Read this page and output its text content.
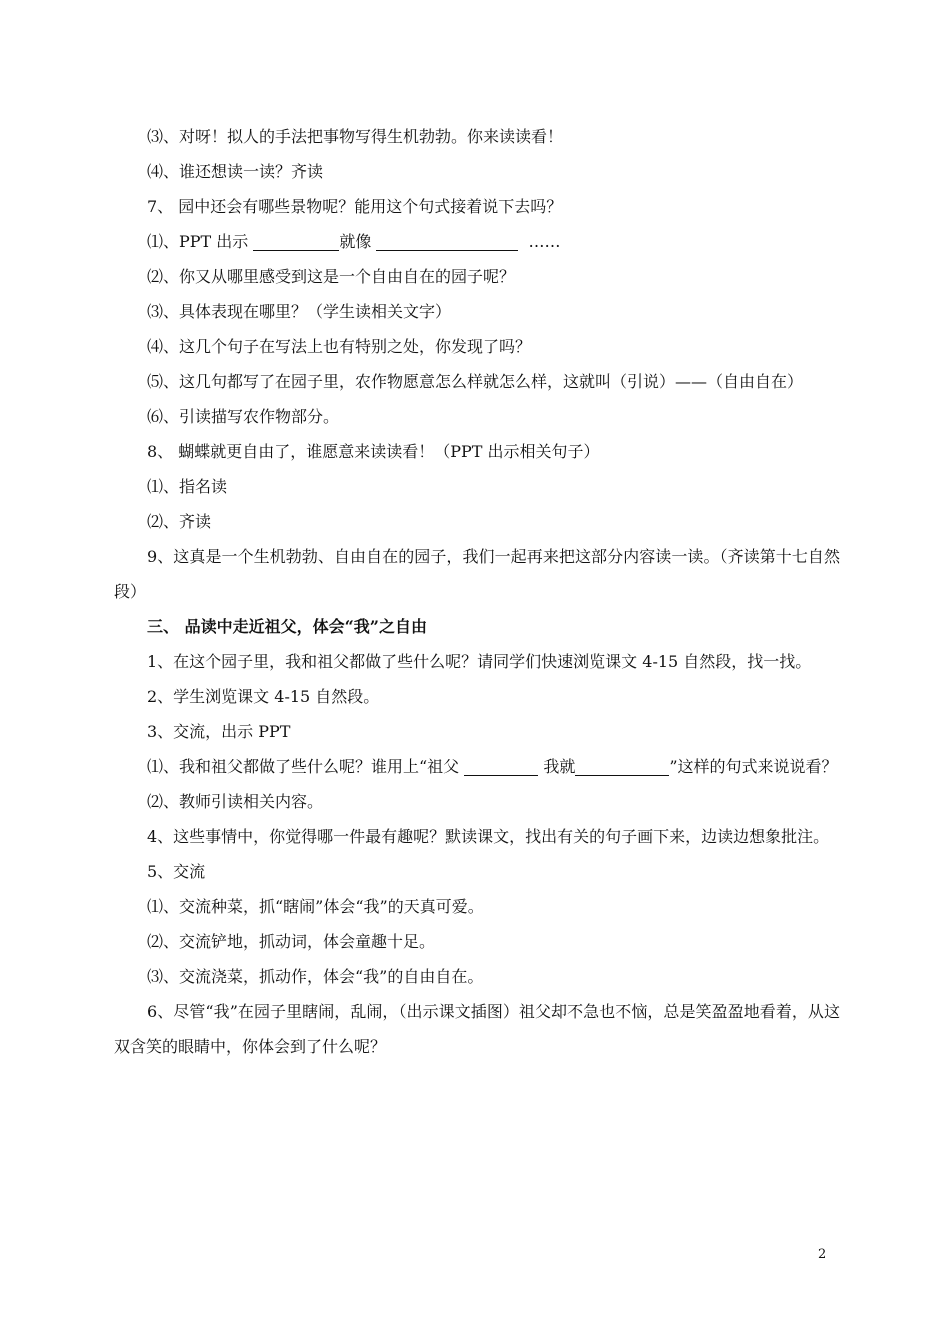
⑶、对呀！拟人的手法把事物写得生机勃勃。你来读读看！

⑷、谁还想读一读？齐读

7、 园中还会有哪些景物呢？能用这个句式接着说下去吗？

⑴、PPT 出示	就像	……

⑵、你又从哪里感受到这是一个自由自在的园子呢？

⑶、具体表现在哪里？（学生读相关文字）

⑷、这几个句子在写法上也有特别之处，你发现了吗？

⑸、这几句都写了在园子里，农作物愿意怎么样就怎么样，这就叫（引说）——（自由自在）

⑹、引读描写农作物部分。

8、 蝴蝶就更自由了，谁愿意来读读看！（PPT 出示相关句子）

⑴、指名读

⑵、齐读

9、这真是一个生机勃勃、自由自在的园子，我们一起再来把这部分内容读一读。（齐读第十七自然段）

三、 品读中走近祖父，体会“我”之自由

1、在这个园子里，我和祖父都做了些什么呢？请同学们快速浏览课文 4-15 自然段，找一找。

2、学生浏览课文 4-15 自然段。

3、交流，出示 PPT

⑴、我和祖父都做了些什么呢？谁用上“祖父	我就	”这样的句式来说说看？

⑵、教师引读相关内容。

4、这些事情中，你觉得哪一件最有趣呢？默读课文，找出有关的句子画下来，边读边想象批注。

5、交流

⑴、交流种菜，抓“瞎闹”体会“我”的天真可爱。

⑵、交流铲地，抓动词，体会童趣十足。

⑶、交流浇菜，抓动作，体会“我”的自由自在。

6、尽管“我”在园子里瞎闹，乱闹，（出示课文插图）祖父却不急也不恼，总是笑盈盈地看着，从这双含笑的眼睛中，你体会到了什么呢？

2
